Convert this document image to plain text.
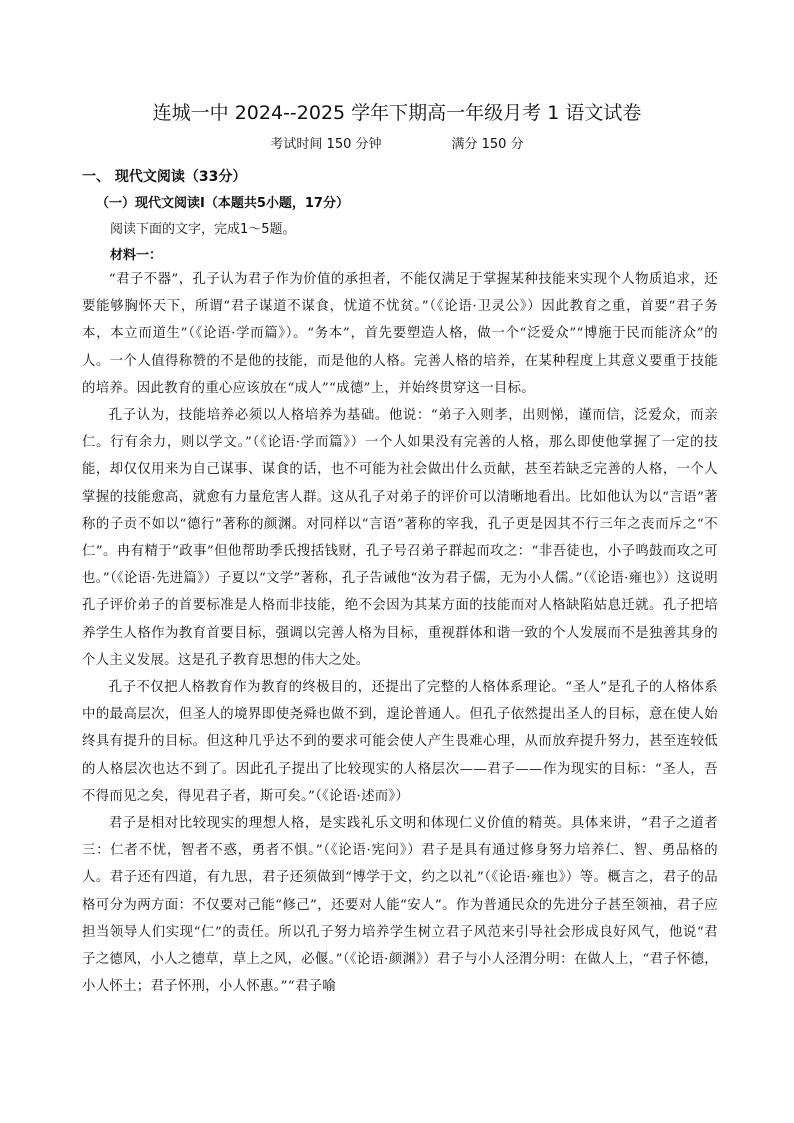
连城一中 2024--2025 学年下期高一年级月考 1 语文试卷
考试时间 150 分钟	满分 150 分
一、 现代文阅读（33分）
（一）现代文阅读I（本题共5小题，17分）
阅读下面的文字，完成1～5题。
材料一：

“君子不器”，孔子认为君子作为价值的承担者，不能仅满足于掌握某种技能来实现个人物质追求，还要能够胸怀天下，所谓“君子谋道不谋食，忧道不忧贫。”（《论语·卫灵公》）因此教育之重，首要“君子务本，本立而道生”（《论语·学而篇》）。“务本”，首先要塑造人格，做一个“泛爱众”“博施于民而能济众”的人。一个人值得称赞的不是他的技能，而是他的人格。完善人格的培养，在某种程度上其意义要重于技能的培养。因此教育的重心应该放在“成人”“成德”上，并始终贯穿这一目标。

孔子认为，技能培养必须以人格培养为基础。他说：“弟子入则孝，出则悌，谨而信，泛爱众，而亲仁。行有余力，则以学文。”（《论语·学而篇》）一个人如果没有完善的人格，那么即使他掌握了一定的技能，却仅仅用来为自己谋事、谋食的话，也不可能为社会做出什么贡献，甚至若缺乏完善的人格，一个人掌握的技能愈高，就愈有力量危害人群。这从孔子对弟子的评价可以清晰地看出。比如他认为以“言语”著称的子贡不如以“德行”著称的颜渊。对同样以“言语”著称的宰我，孔子更是因其不行三年之丧而斥之“不仁”。冉有精于“政事”但他帮助季氏搜括钱财，孔子号召弟子群起而攻之：“非吾徒也，小子鸣鼓而攻之可也。”（《论语·先进篇》）子夏以“文学”著称，孔子告诫他“汝为君子儒，无为小人儒。”（《论语·雍也》）这说明孔子评价弟子的首要标准是人格而非技能，绝不会因为其某方面的技能而对人格缺陷姑息迁就。孔子把培养学生人格作为教育首要目标，强调以完善人格为目标，重视群体和谐一致的个人发展而不是独善其身的个人主义发展。这是孔子教育思想的伟大之处。

孔子不仅把人格教育作为教育的终极目的，还提出了完整的人格体系理论。“圣人”是孔子的人格体系中的最高层次，但圣人的境界即使尧舜也做不到，遑论普通人。但孔子依然提出圣人的目标，意在使人始终具有提升的目标。但这种几乎达不到的要求可能会使人产生畏难心理，从而放弃提升努力，甚至连较低的人格层次也达不到了。因此孔子提出了比较现实的人格层次——君子——作为现实的目标：“圣人，吾不得而见之矣，得见君子者，斯可矣。”（《论语·述而》）

君子是相对比较现实的理想人格，是实践礼乐文明和体现仁义价值的精英。具体来讲，“君子之道者三：仁者不忧，智者不惑，勇者不惧。”（《论语·宪问》）君子是具有通过修身努力培养仁、智、勇品格的人。君子还有四道，有九思，君子还须做到“博学于文，约之以礼”（《论语·雍也》）等。概言之，君子的品格可分为两方面：不仅要对己能“修己”，还要对人能“安人”。作为普通民众的先进分子甚至领袖，君子应担当领导人们实现“仁”的责任。所以孔子努力培养学生树立君子风范来引导社会形成良好风气，他说“君子之德风，小人之德草，草上之风，必偃。”（《论语·颜渊》）君子与小人泾渭分明：在做人上，“君子怀德，小人怀土；君子怀刑，小人怀惠。”“君子喻
